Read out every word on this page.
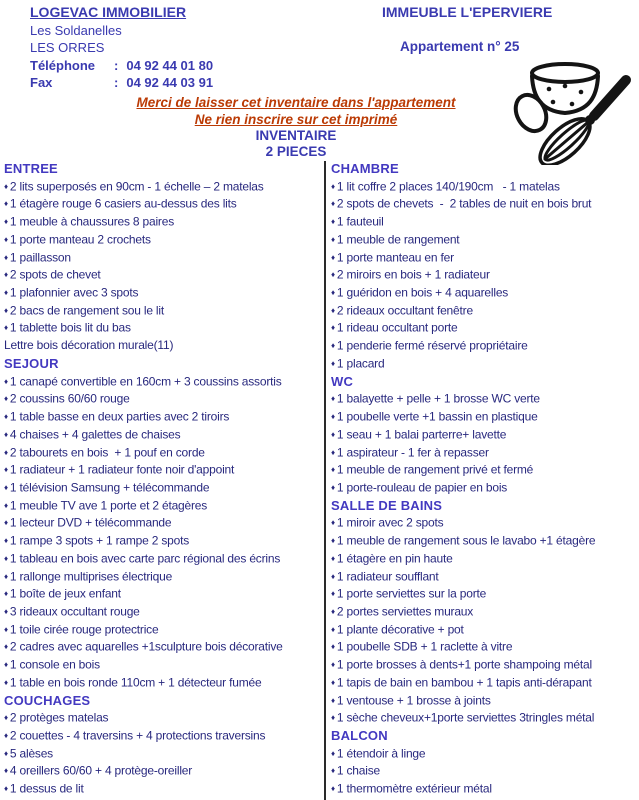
LOGEVAC IMMOBILIER
Les Soldanelles
LES ORRES
Téléphone : 04 92 44 01 80
Fax	: 04 92 44 03 91
IMMEUBLE L'EPERVIERE
Appartement n° 25
Merci de laisser cet inventaire dans l'appartement
Ne rien inscrire sur cet imprimé
INVENTAIRE
2 PIECES
ENTREE
♦ 2 lits superposés en 90cm - 1 échelle – 2 matelas
♦ 1 étagère rouge 6 casiers au-dessus des lits
♦ 1 meuble à chaussures 8 paires
♦ 1 porte manteau 2 crochets
♦ 1 paillasson
♦ 2 spots de chevet
♦ 1 plafonnier avec 3 spots
♦ 2 bacs de rangement sou le lit
♦ 1 tablette bois lit du bas
Lettre bois décoration murale(11)
SEJOUR
♦ 1 canapé convertible en 160cm + 3 coussins assortis
♦ 2 coussins 60/60 rouge
♦ 1 table basse en deux parties avec 2 tiroirs
♦ 4 chaises + 4 galettes de chaises
♦ 2 tabourets en bois  + 1 pouf en corde
♦ 1 radiateur + 1 radiateur fonte noir d'appoint
♦ 1 télévision Samsung + télécommande
♦ 1 meuble TV ave 1 porte et 2 étagères
♦ 1 lecteur DVD + télécommande
♦ 1 rampe 3 spots + 1 rampe 2 spots
♦ 1 tableau en bois avec carte parc régional des écrins
♦ 1 rallonge multiprises électrique
♦ 1 boîte de jeux enfant
♦ 3 rideaux occultant rouge
♦ 1 toile cirée rouge protectrice
♦ 2 cadres avec aquarelles +1sculpture bois décorative
♦ 1 console en bois
♦ 1 table en bois ronde 110cm + 1 détecteur fumée
COUCHAGES
♦ 2 protèges matelas
♦ 2 couettes - 4 traversins + 4 protections traversins
♦ 5 alèses
♦ 4 oreillers 60/60 + 4 protège-oreiller
♦ 1 dessus de lit
CHAMBRE
♦ 1 lit coffre 2 places 140/190cm   - 1 matelas
♦ 2 spots de chevets  -  2 tables de nuit en bois brut
♦ 1 fauteuil
♦ 1 meuble de rangement
♦ 1 porte manteau en fer
♦ 2 miroirs en bois + 1 radiateur
♦ 1 guéridon en bois + 4 aquarelles
♦ 2 rideaux occultant fenêtre
♦ 1 rideau occultant porte
♦ 1 penderie fermé réservé propriétaire
♦ 1 placard
WC
♦ 1 balayette + pelle + 1 brosse WC verte
♦ 1 poubelle verte +1 bassin en plastique
♦ 1 seau + 1 balai parterre+ lavette
♦ 1 aspirateur - 1 fer à repasser
♦ 1 meuble de rangement privé et fermé
♦ 1 porte-rouleau de papier en bois
SALLE DE BAINS
♦ 1 miroir avec 2 spots
♦ 1 meuble de rangement sous le lavabo +1 étagère
♦ 1 étagère en pin haute
♦ 1 radiateur soufflant
♦ 1 porte serviettes sur la porte
♦ 2 portes serviettes muraux
♦ 1 plante décorative + pot
♦ 1 poubelle SDB + 1 raclette à vitre
♦ 1 porte brosses à dents+1 porte shampoing métal
♦ 1 tapis de bain en bambou + 1 tapis anti-dérapant
♦ 1 ventouse + 1 brosse à joints
♦ 1 sèche cheveux+1porte serviettes 3tringles métal
BALCON
♦ 1 étendoir à linge
♦ 1 chaise
♦ 1 thermomètre extérieur métal
